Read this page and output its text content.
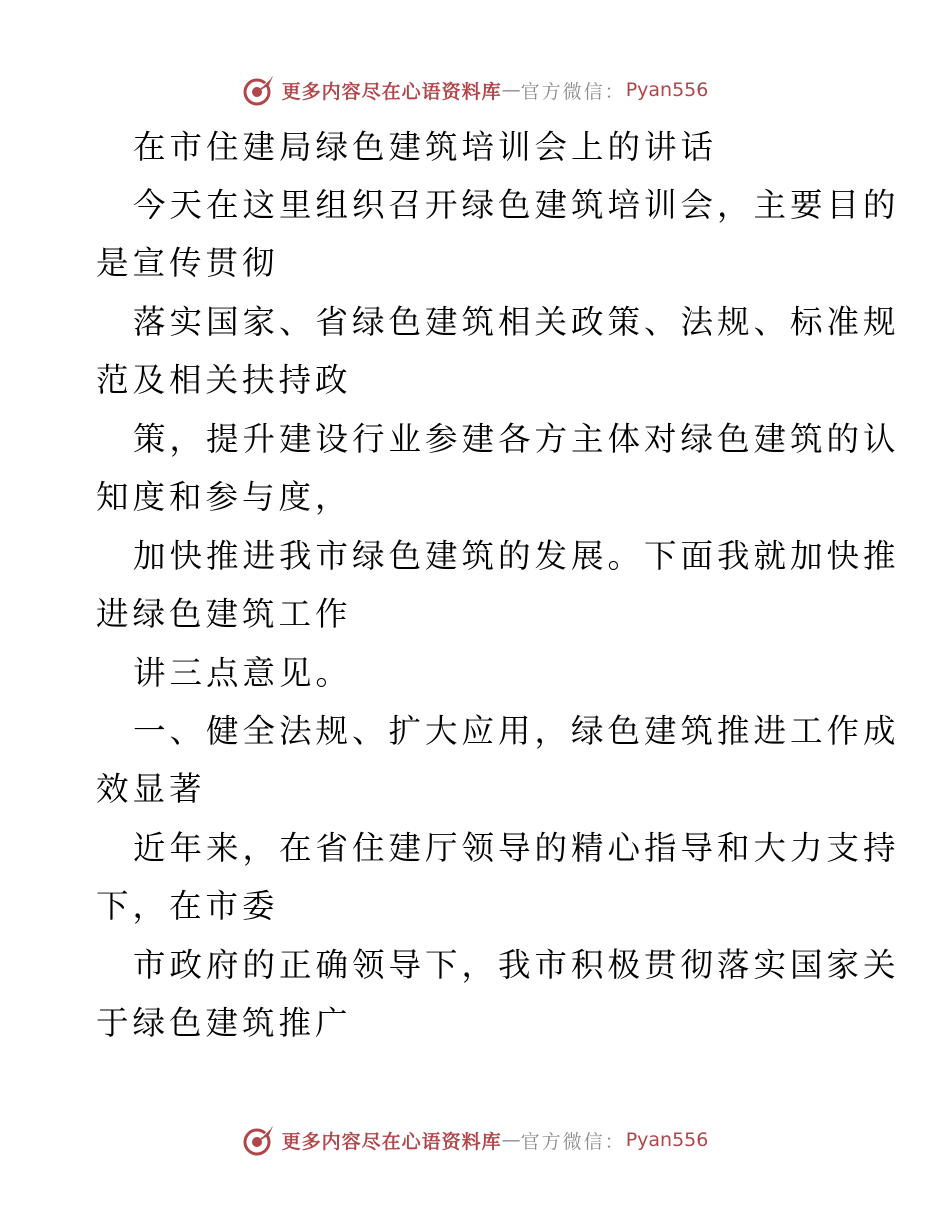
更多内容尽在心语资料库 — 官方微信： Pyan556
在市住建局绿色建筑培训会上的讲话
今天在这里组织召开绿色建筑培训会，主要目的
是宣传贯彻
落实国家、省绿色建筑相关政策、法规、标准规
范及相关扶持政
策，提升建设行业参建各方主体对绿色建筑的认
知度和参与度，
加快推进我市绿色建筑的发展。下面我就加快推
进绿色建筑工作
讲三点意见。
一、健全法规、扩大应用，绿色建筑推进工作成
效显著
近年来，在省住建厅领导的精心指导和大力支持
下，在市委
市政府的正确领导下，我市积极贯彻落实国家关
于绿色建筑推广
更多内容尽在心语资料库 — 官方微信： Pyan556
